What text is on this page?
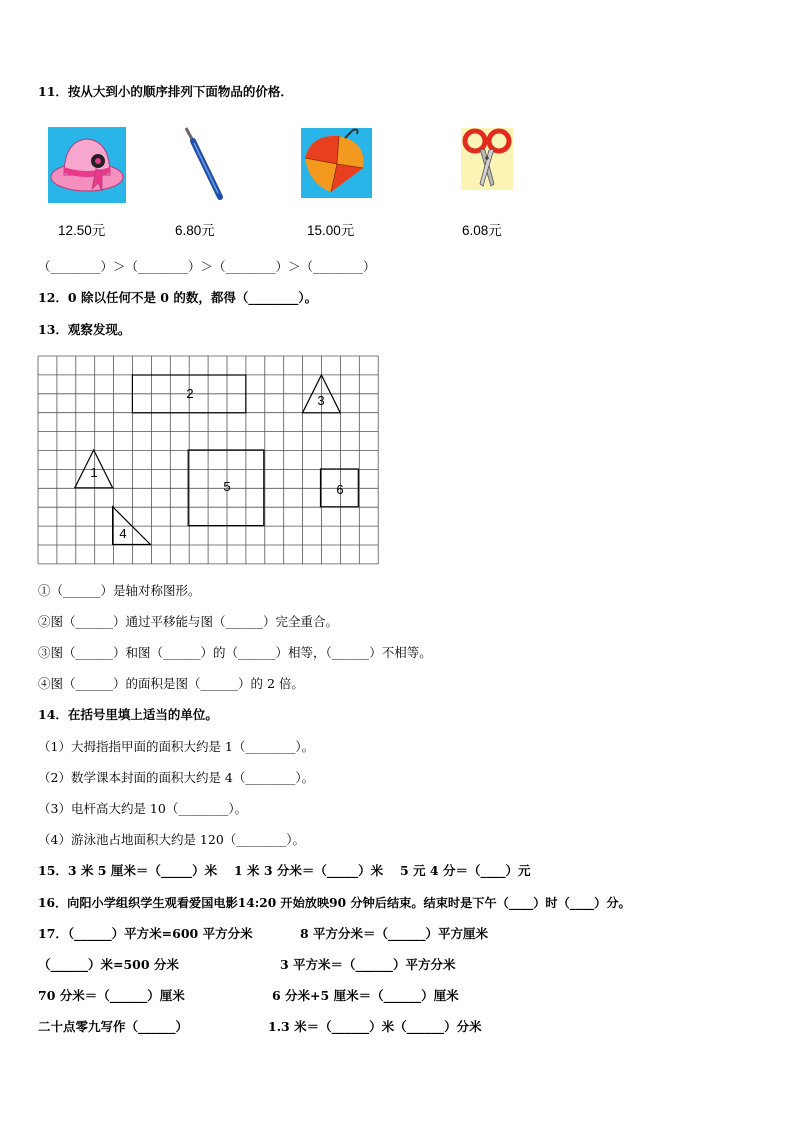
11．按从大到小的顺序排列下面物品的价格．
12.50元	6.80元	15.00元	6.08元
（________）＞（________）＞（________）＞（________）
12．0 除以任何不是 0 的数，都得（________）。
13．观察发现。
1
2	3
4
5	6
①（______）是轴对称图形。
②图（______）通过平移能与图（______）完全重合。
③图（______）和图（______）的（______）相等，（______）不相等。
④图（______）的面积是图（______）的 2 倍。
14．在括号里填上适当的单位。
（1）大拇指指甲面的面积大约是 1（________）。
（2）数学课本封面的面积大约是 4（________）。
（3）电杆高大约是 10（________）。
（4）游泳池占地面积大约是 120（________）。
15．3 米 5 厘米＝（_____）米　 1 米 3 分米＝（_____）米　 5 元 4 分＝（____）元
16．向阳小学组织学生观看爱国电影14:20 开始放映90 分钟后结束。结束时是下午（____）时（____）分。
17．（______）平方米=600 平方分米	8 平方分米＝（______）平方厘米
（______）米=500 分米	3 平方米＝（______）平方分米
70 分米＝（______）厘米	6 分米+5 厘米＝（______）厘米
二十点零九写作（______）	1.3 米＝（______）米（______）分米
